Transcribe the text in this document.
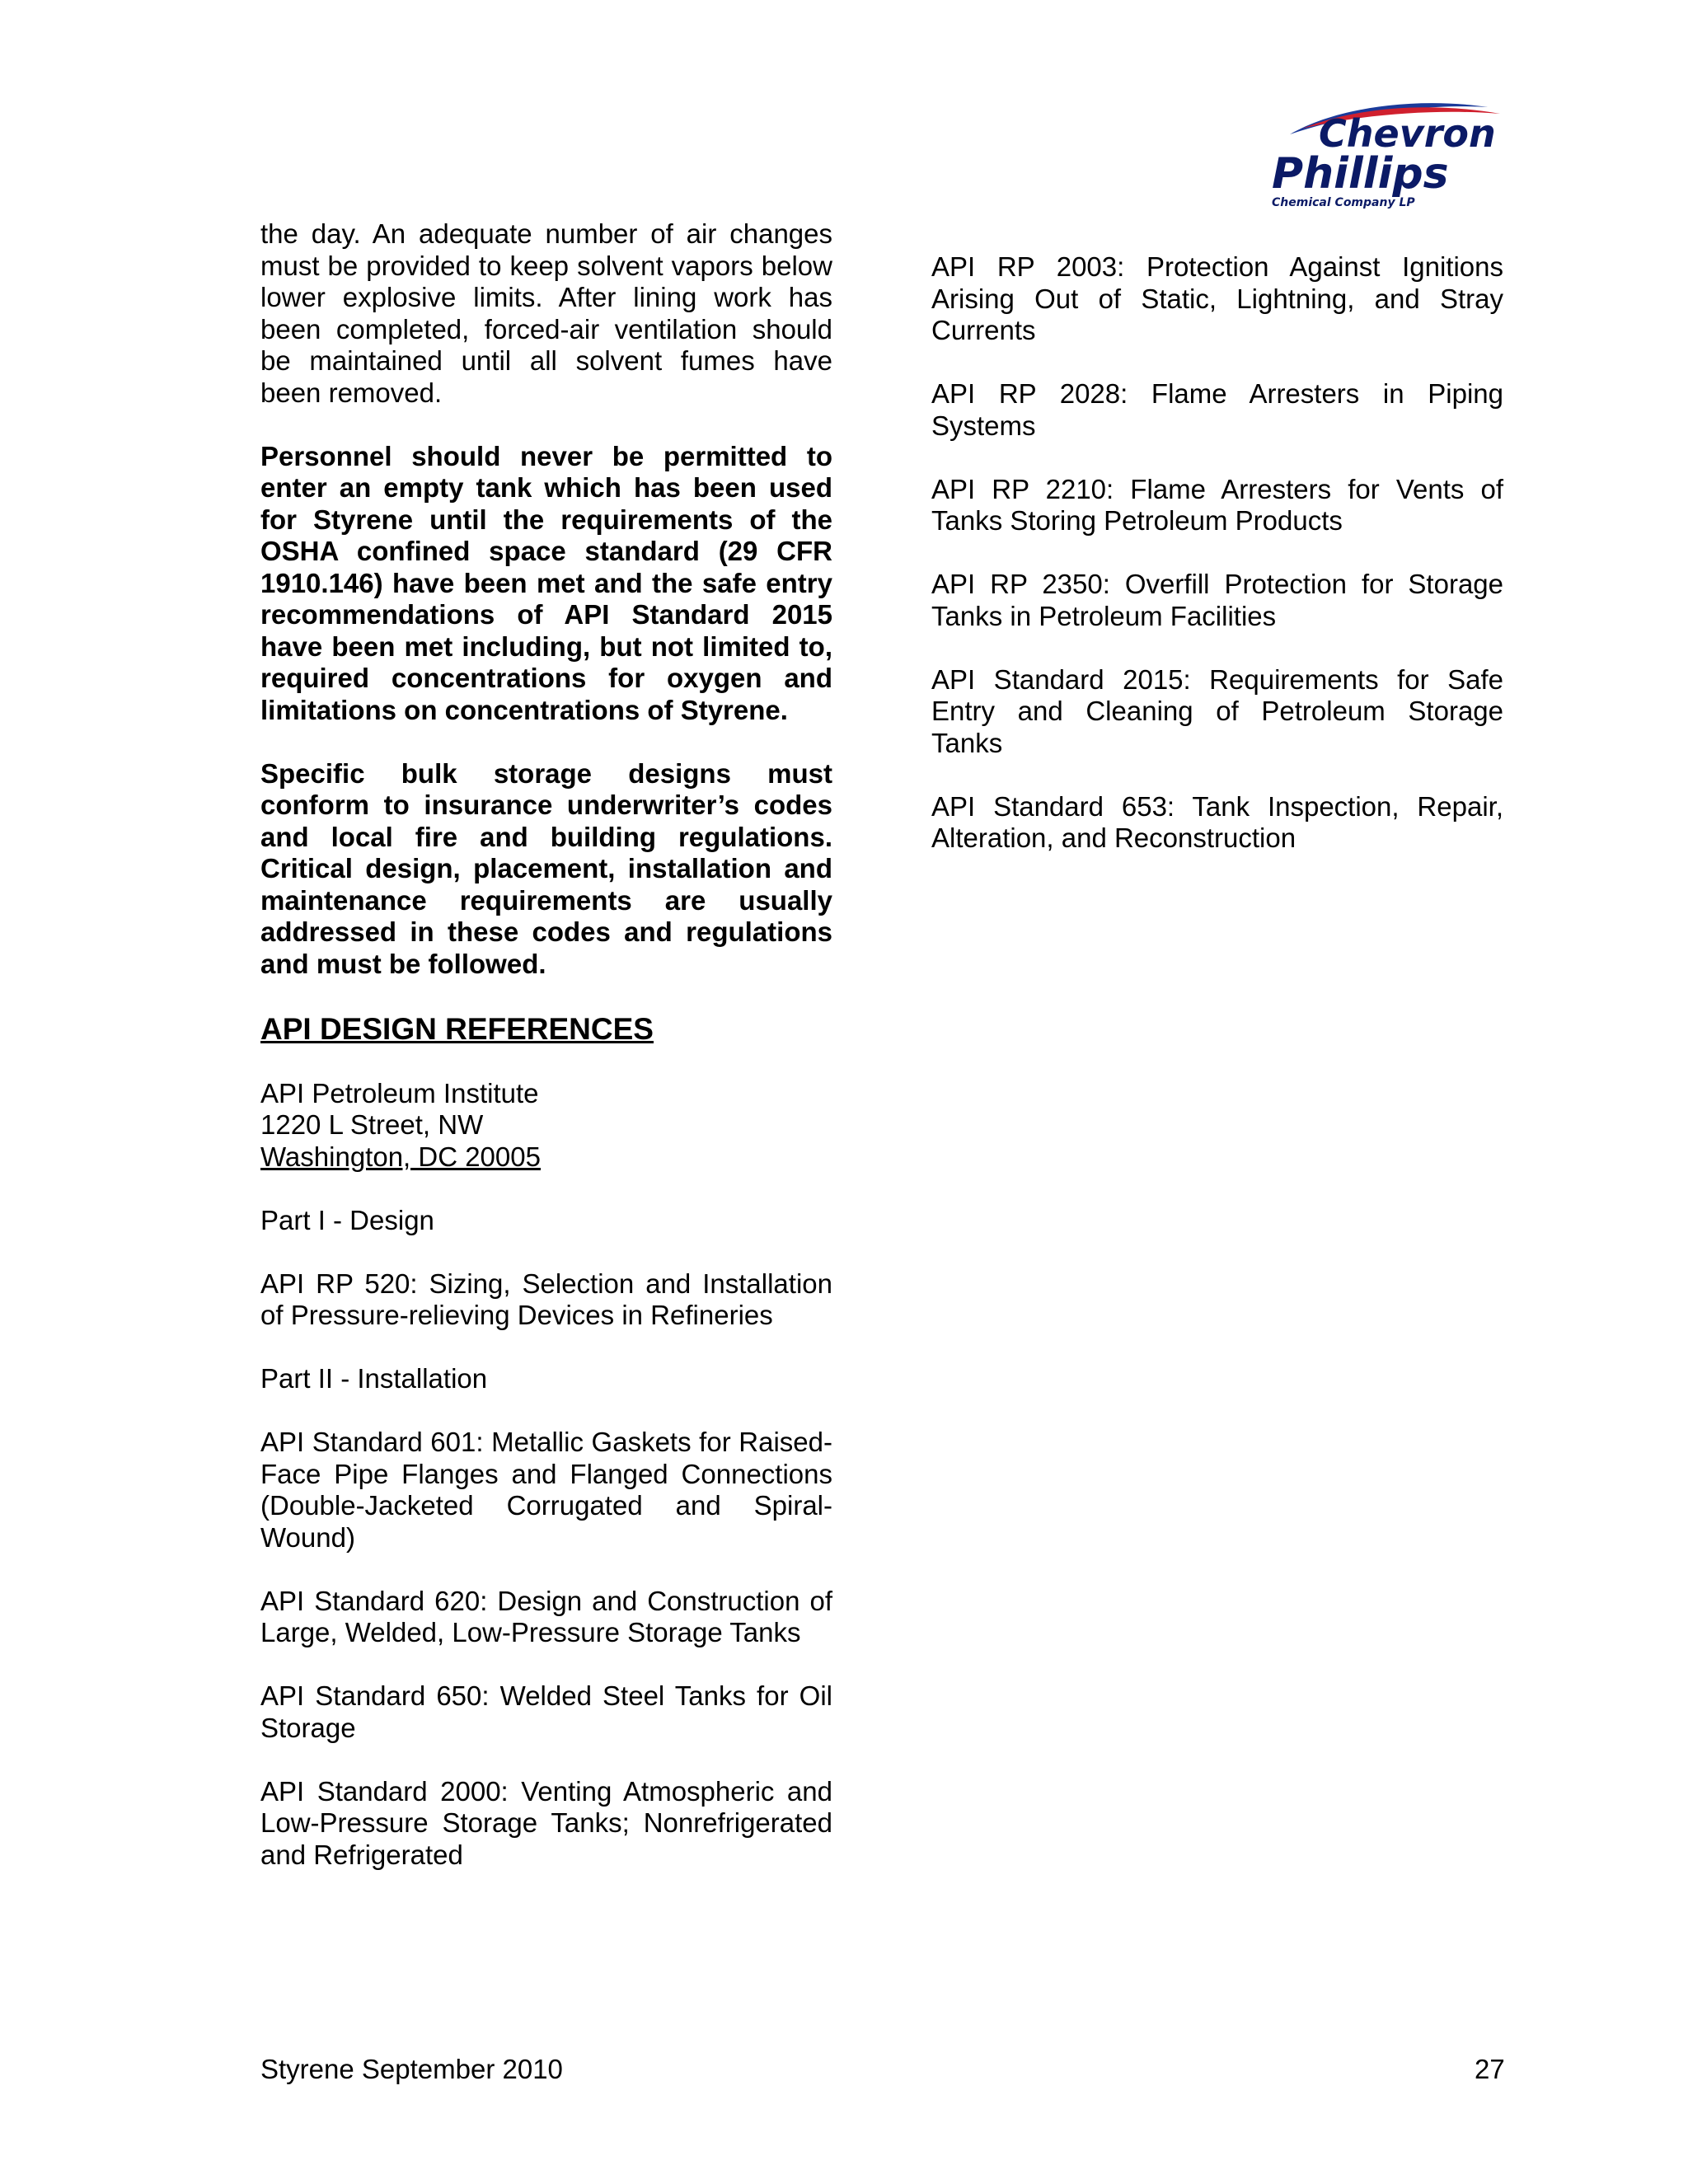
Chevron
Phillips
Chemical Company LP

the day. An adequate number of air changes must be provided to keep solvent vapors below lower explosive limits. After lining work has been completed, forced-air ventilation should be maintained until all solvent fumes have been removed.

Personnel should never be permitted to enter an empty tank which has been used for Styrene until the requirements of the OSHA confined space standard (29 CFR 1910.146) have been met and the safe entry recommendations of API Standard 2015 have been met including, but not limited to, required concentrations for oxygen and limitations on concentrations of Styrene.

Specific bulk storage designs must conform to insurance underwriter’s codes and local fire and building regulations. Critical design, placement, installation and maintenance requirements are usually addressed in these codes and regulations and must be followed.

API DESIGN REFERENCES

API Petroleum Institute
1220 L Street, NW
Washington, DC 20005

Part I - Design

API RP 520: Sizing, Selection and Installation of Pressure-relieving Devices in Refineries

Part II - Installation

API Standard 601: Metallic Gaskets for Raised-Face Pipe Flanges and Flanged Connections (Double-Jacketed Corrugated and Spiral-Wound)

API Standard 620: Design and Construction of Large, Welded, Low-Pressure Storage Tanks

API Standard 650: Welded Steel Tanks for Oil Storage

API Standard 2000: Venting Atmospheric and Low-Pressure Storage Tanks; Nonrefrigerated and Refrigerated

API RP 2003: Protection Against Ignitions Arising Out of Static, Lightning, and Stray Currents

API RP 2028: Flame Arresters in Piping Systems

API RP 2210: Flame Arresters for Vents of Tanks Storing Petroleum Products

API RP 2350: Overfill Protection for Storage Tanks in Petroleum Facilities

API Standard 2015: Requirements for Safe Entry and Cleaning of Petroleum Storage Tanks

API Standard 653: Tank Inspection, Repair, Alteration, and Reconstruction

Styrene September 2010	27
